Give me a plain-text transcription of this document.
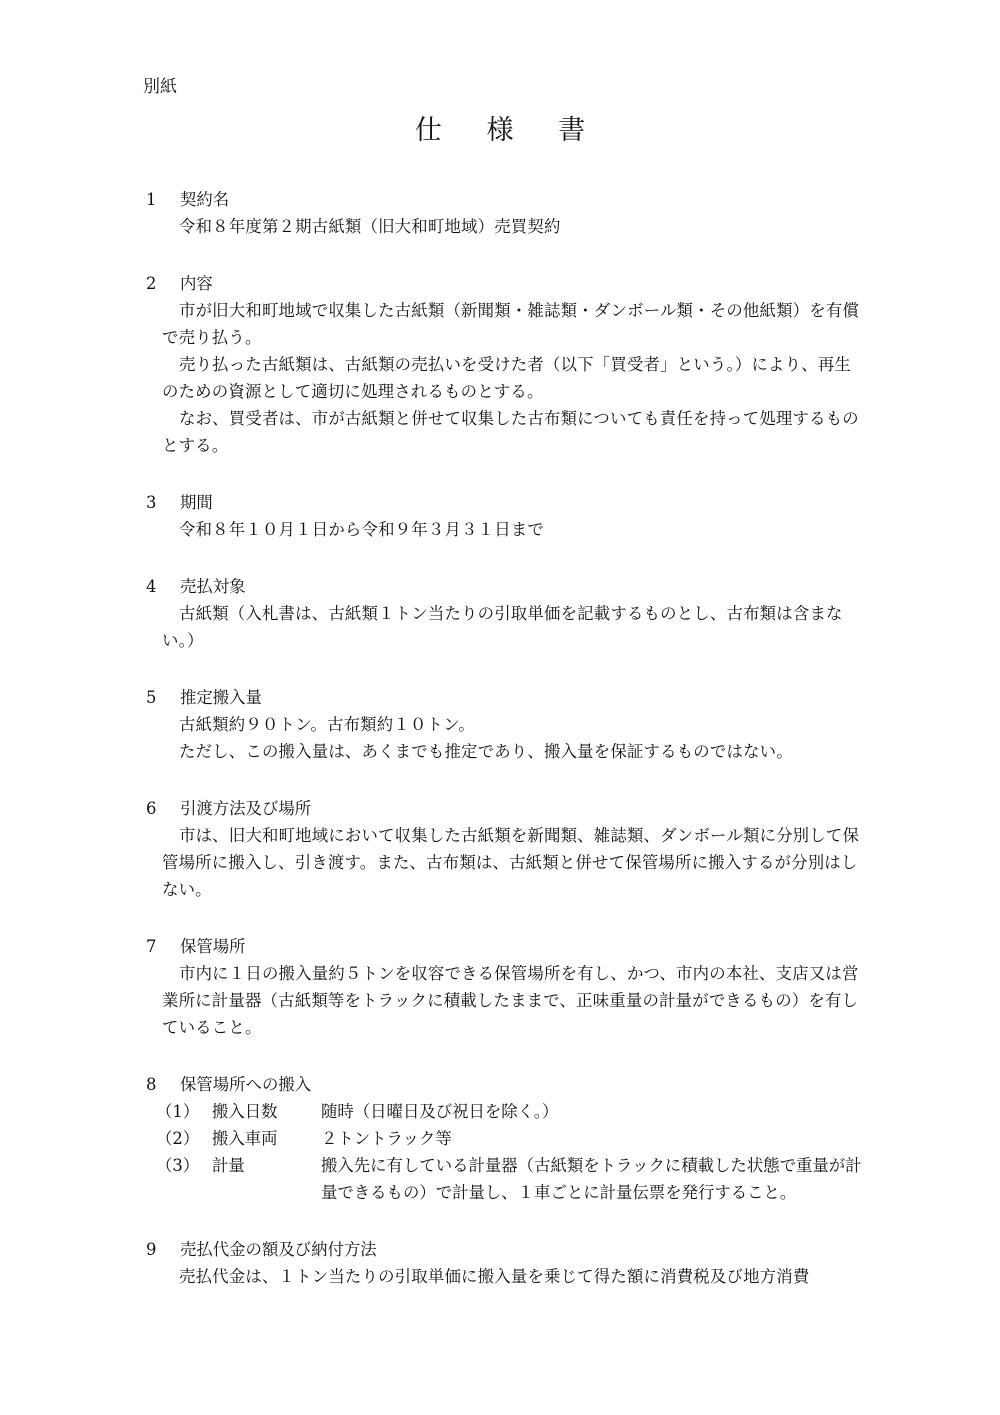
別紙
仕 様 書
1	契約名

令和８年度第２期古紙類（旧大和町地域）売買契約

2	内容

市が旧大和町地域で収集した古紙類（新聞類・雑誌類・ダンボール類・その他紙類）を有償で売り払う。

売り払った古紙類は、古紙類の売払いを受けた者（以下「買受者」という。）により、再生のための資源として適切に処理されるものとする。

なお、買受者は、市が古紙類と併せて収集した古布類についても責任を持って処理するものとする。

3	期間

令和８年１０月１日から令和９年３月３１日まで

4	売払対象

古紙類（入札書は、古紙類１トン当たりの引取単価を記載するものとし、古布類は含まない。）

5	推定搬入量

古紙類約９０トン。古布類約１０トン。

ただし、この搬入量は、あくまでも推定であり、搬入量を保証するものではない。

6	引渡方法及び場所

市は、旧大和町地域において収集した古紙類を新聞類、雑誌類、ダンボール類に分別して保管場所に搬入し、引き渡す。また、古布類は、古紙類と併せて保管場所に搬入するが分別はしない。

7	保管場所

市内に１日の搬入量約５トンを収容できる保管場所を有し、かつ、市内の本社、支店又は営業所に計量器（古紙類等をトラックに積載したままで、正味重量の計量ができるもの）を有していること。

8	保管場所への搬入
（1） 搬入日数	随時（日曜日及び祝日を除く。）
（2） 搬入車両	２トントラック等
（3） 計量	搬入先に有している計量器（古紙類をトラックに積載した状態で重量が計量できるもの）で計量し、１車ごとに計量伝票を発行すること。
9	売払代金の額及び納付方法

売払代金は、１トン当たりの引取単価に搬入量を乗じて得た額に消費税及び地方消費
